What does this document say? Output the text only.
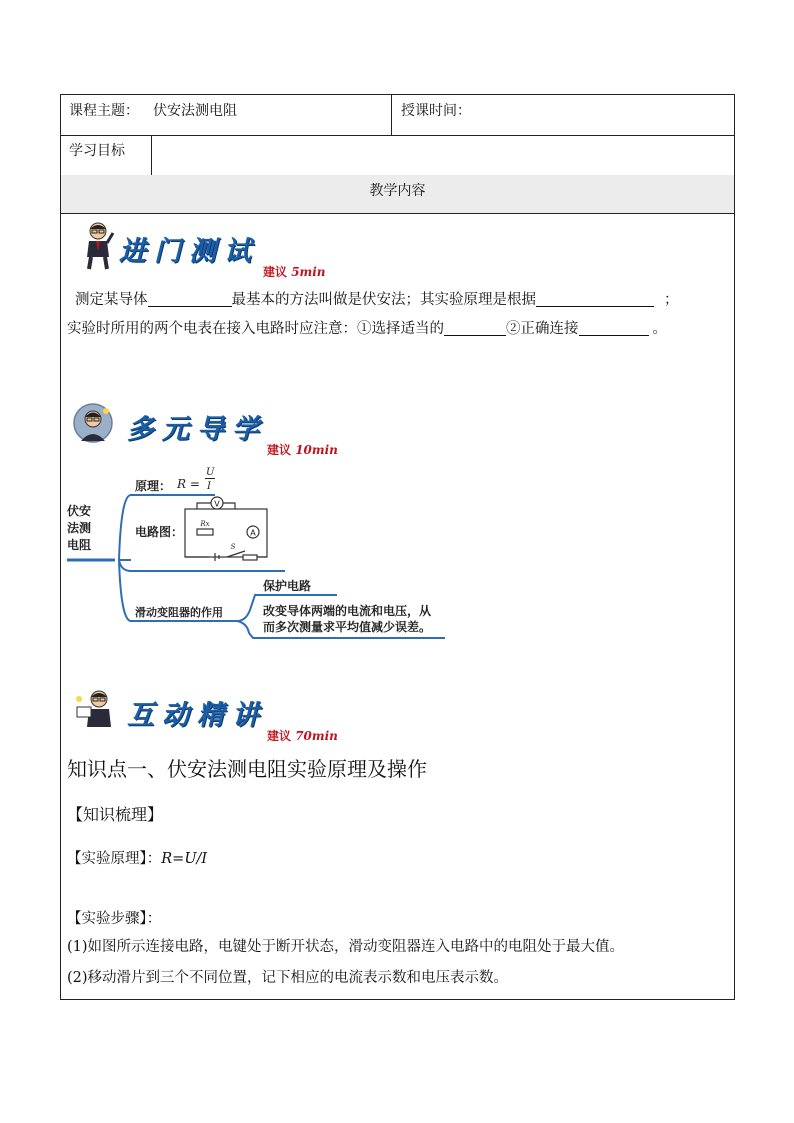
课程主题： 伏安法测电阻	授课时间：
学习目标
教学内容
进门测试
建议 5min
测定某导体	最基本的方法叫做是伏安法；其实验原理是根据	；
实验时所用的两个电表在接入电路时应注意：①选择适当的	②正确连接	。
多元导学
建议 10min
V
A
Rx
S
伏安
法测
电阻
原理： R =
U
I
电路图：
滑动变阻器的作用
保护电路
改变导体两端的电流和电压，从
而多次测量求平均值减少误差。
互动精讲
建议 70min
知识点一、伏安法测电阻实验原理及操作
【知识梳理】
【实验原理】：R=U/I
【实验步骤】：
(1)如图所示连接电路，电键处于断开状态，滑动变阻器连入电路中的电阻处于最大值。
(2)移动滑片到三个不同位置，记下相应的电流表示数和电压表示数。
